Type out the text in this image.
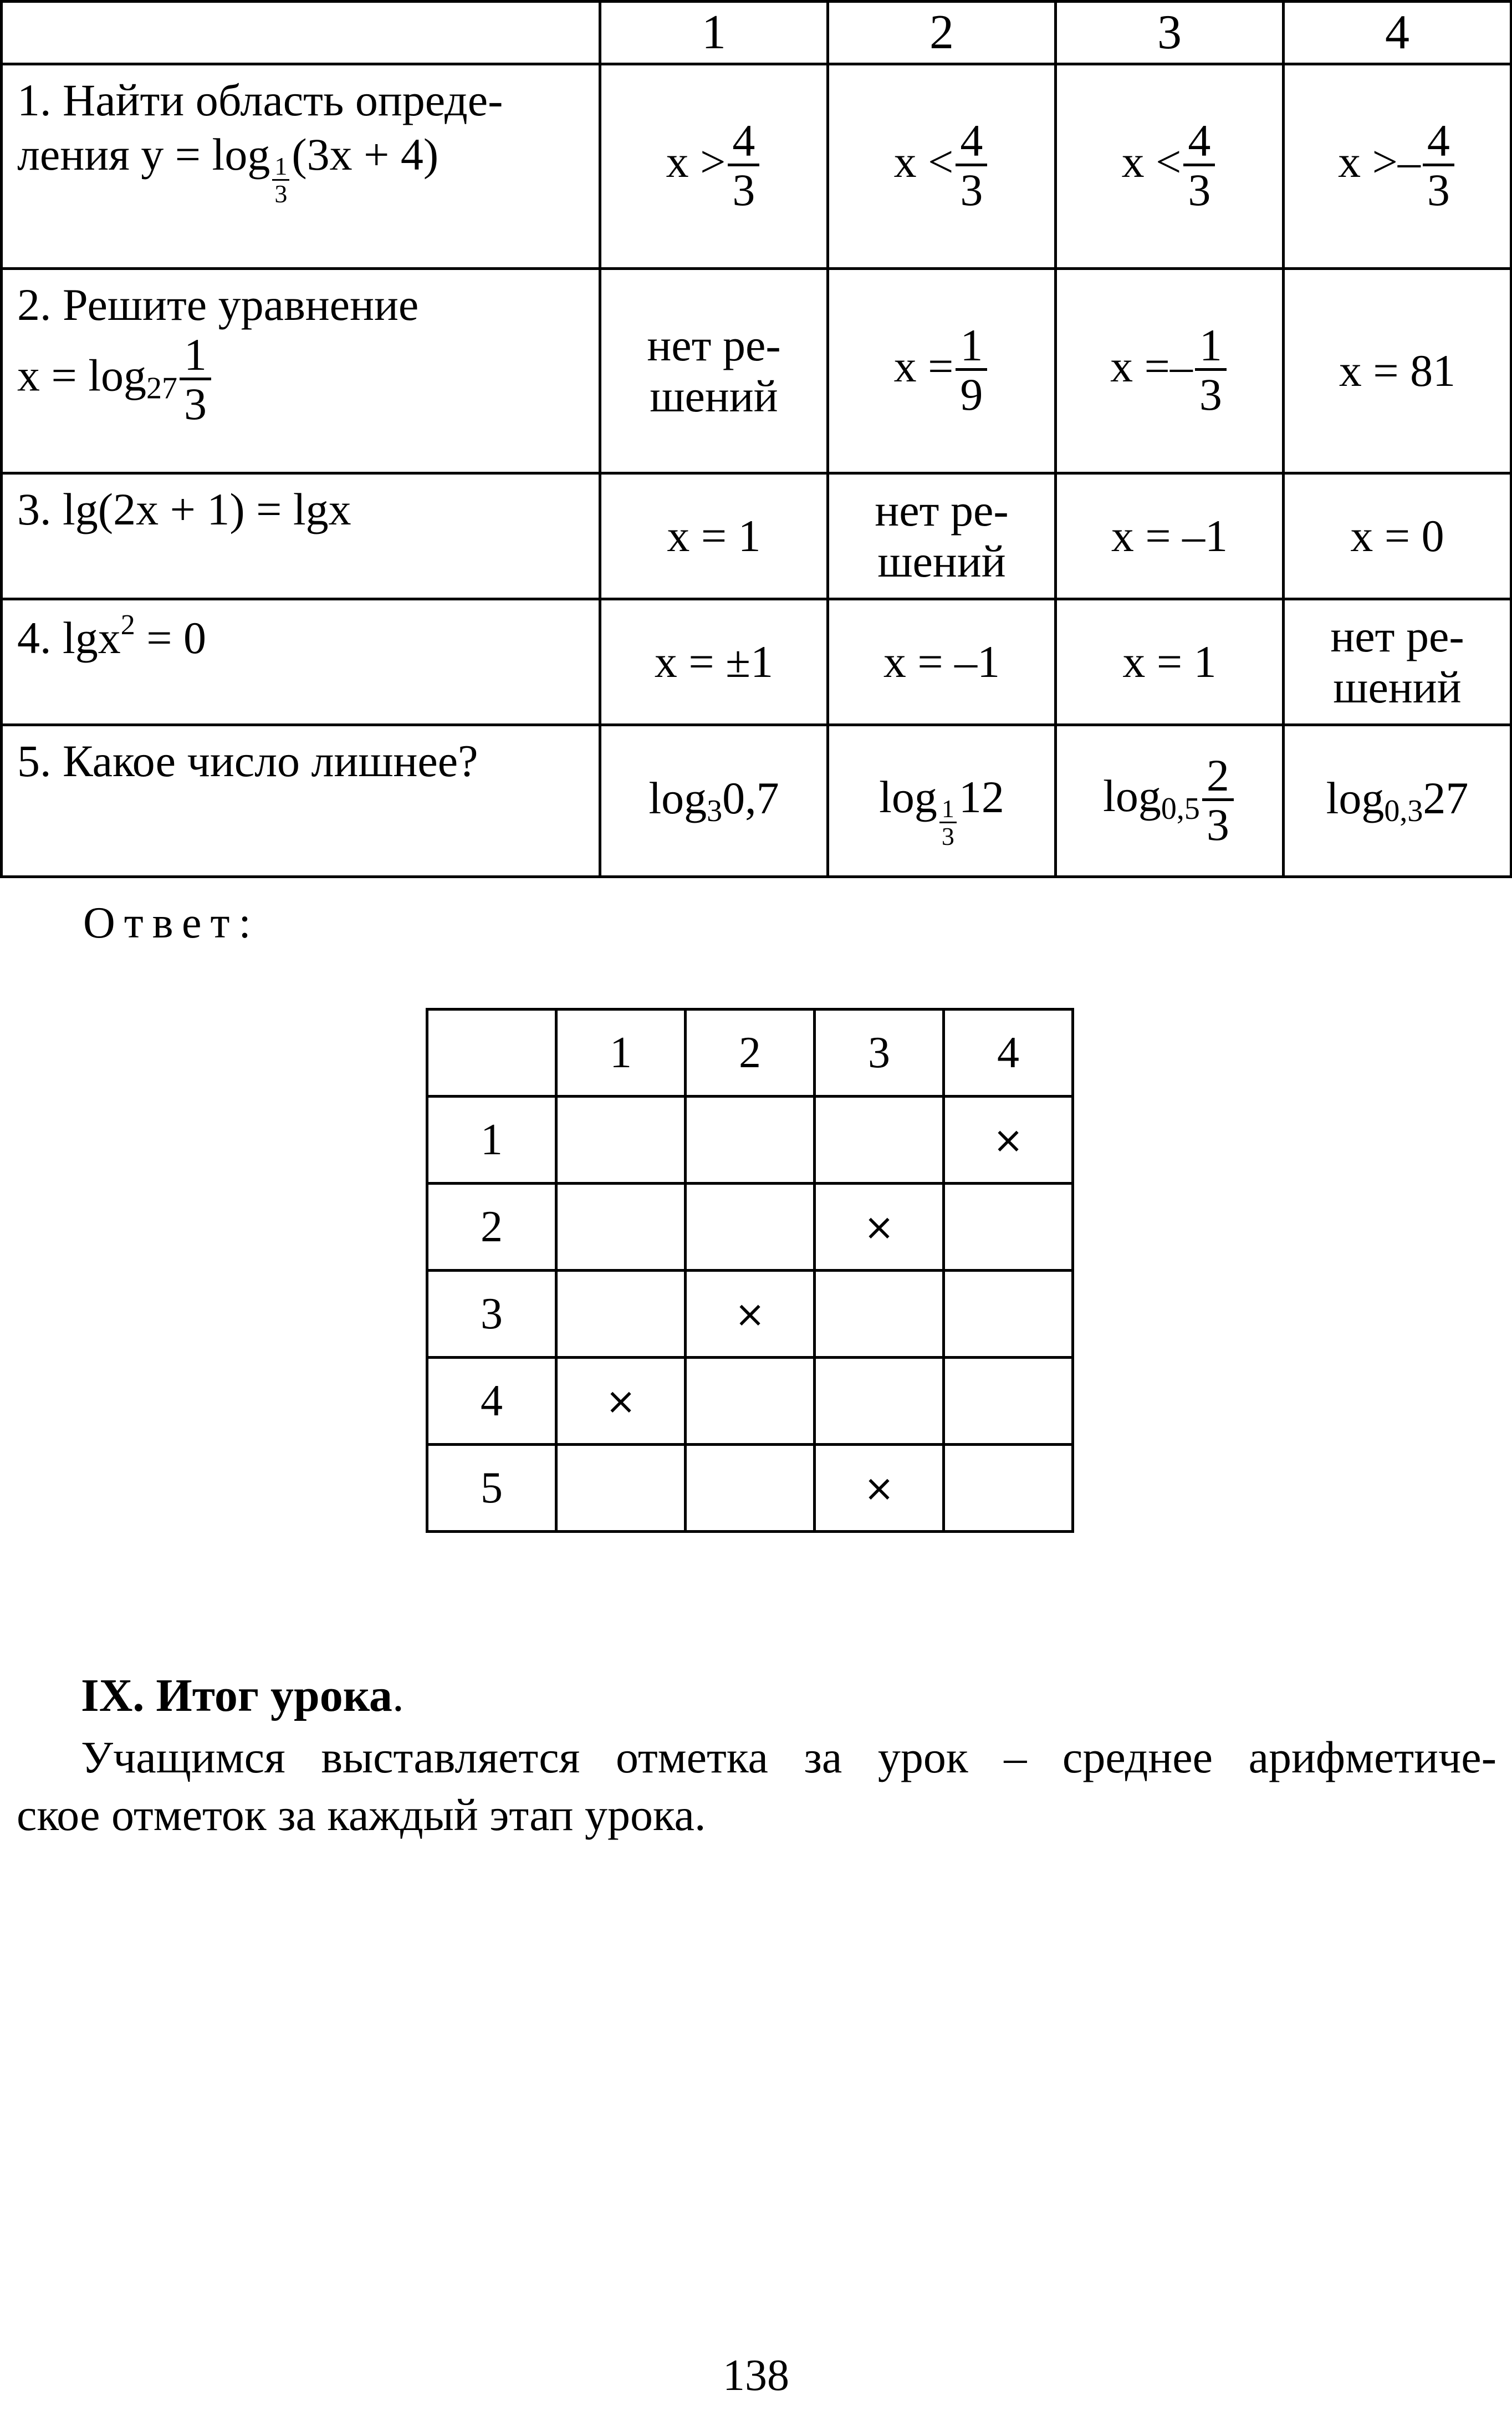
	1	2	3	4

1. Найти область опреде-
ления $y = \log \frac{1}{3} (3x + 4)$	$x > \frac{4}{3}$	$x < \frac{4}{3}$	$x < \frac{4}{3}$	$x >- \frac{4}{3}$

2. Решите уравнение
$x = \log_{27} \frac{1}{3}$	нет ре-
шений	$x = \frac{1}{9}$	$x =- \frac{1}{3}$	x = 81

3. lg(2x + 1) = lgx	x = 1	нет ре-
шений	x = –1	x = 0

4. lgx$^2$ = 0	x = ±1	x = –1	x = 1	нет ре-
шений

5. Какое число лишнее?	$\log_30,7$	$\log \frac{1}{3} 12$	$\log_{0,5} \frac{2}{3}$	$\log_{0,3}27$
Ответ:
	1	2	3	4
1				×
2			×	
3		×		
4	×			
5			×	
IX. Итог урока.
Учащимся выставляется отметка за урок – среднее арифметиче-
ское отметок за каждый этап урока.
138
